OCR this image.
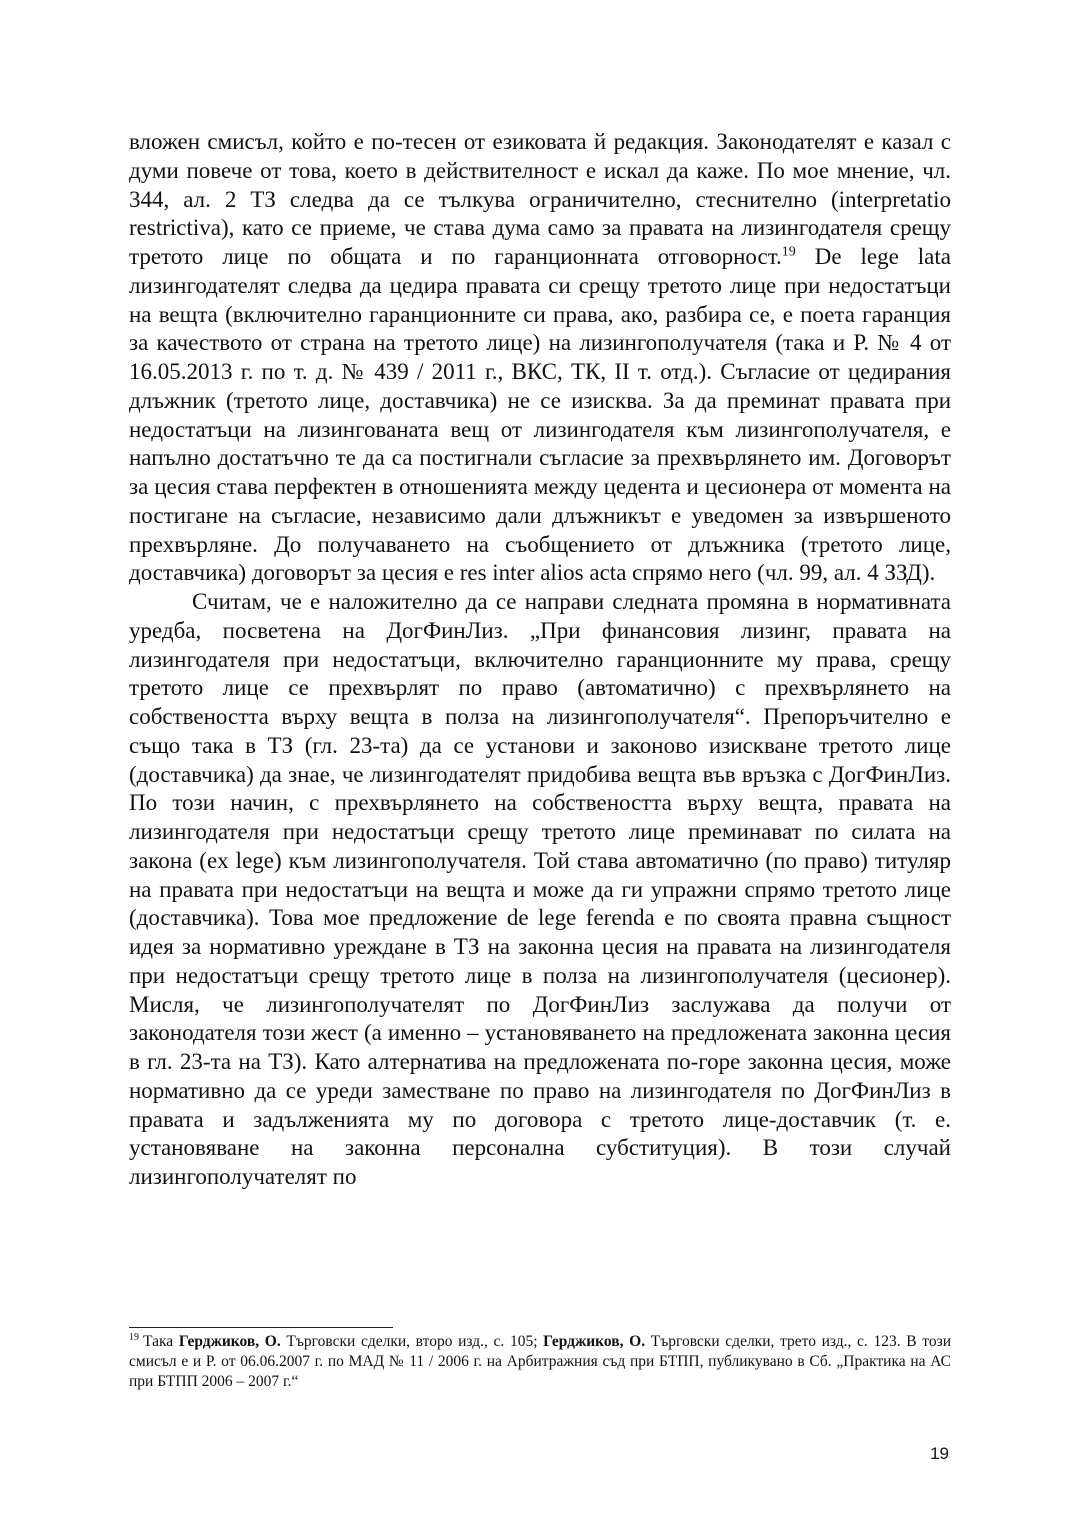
вложен смисъл, който е по-тесен от езиковата й редакция. Законодателят е казал с думи повече от това, което в действителност е искал да каже. По мое мнение, чл. 344, ал. 2 ТЗ следва да се тълкува ограничително, стеснително (interpretatio restrictiva), като се приеме, че става дума само за правата на лизингодателя срещу третото лице по общата и по гаранционната отговорност.$^{19}$ De lege lata лизингодателят следва да цедира правата си срещу третото лице при недостатъци на вещта (включително гаранционните си права, ако, разбира се, е поета гаранция за качеството от страна на третото лице) на лизингополучателя (така и Р. № 4 от 16.05.2013 г. по т. д. № 439 / 2011 г., ВКС, ТК, II т. отд.). Съгласие от цедирания длъжник (третото лице, доставчика) не се изисква. За да преминат правата при недостатъци на лизингованата вещ от лизингодателя към лизингополучателя, е напълно достатъчно те да са постигнали съгласие за прехвърлянето им. Договорът за цесия става перфектен в отношенията между цедента и цесионера от момента на постигане на съгласие, независимо дали длъжникът е уведомен за извършеното прехвърляне. До получаването на съобщението от длъжника (третото лице, доставчика) договорът за цесия е res inter alios acta спрямо него (чл. 99, ал. 4 ЗЗД).

Считам, че е наложително да се направи следната промяна в нормативната уредба, посветена на ДогФинЛиз. „При финансовия лизинг, правата на лизингодателя при недостатъци, включително гаранционните му права, срещу третото лице се прехвърлят по право (автоматично) с прехвърлянето на собствеността върху вещта в полза на лизингополучателя“. Препоръчително е също така в ТЗ (гл. 23-та) да се установи и законово изискване третото лице (доставчика) да знае, че лизингодателят придобива вещта във връзка с ДогФинЛиз. По този начин, с прехвърлянето на собствеността върху вещта, правата на лизингодателя при недостатъци срещу третото лице преминават по силата на закона (ex lege) към лизингополучателя. Той става автоматично (по право) титуляр на правата при недостатъци на вещта и може да ги упражни спрямо третото лице (доставчика). Това мое предложение de lege ferenda е по своята правна същност идея за нормативно уреждане в ТЗ на законна цесия на правата на лизингодателя при недостатъци срещу третото лице в полза на лизингополучателя (цесионер). Мисля, че лизингополучателят по ДогФинЛиз заслужава да получи от законодателя този жест (а именно – установяването на предложената законна цесия в гл. 23-та на ТЗ). Като алтернатива на предложената по-горе законна цесия, може нормативно да се уреди заместване по право на лизингодателя по ДогФинЛиз в правата и задълженията му по договора с третото лице-доставчик (т. е. установяване на законна персонална субституция). В този случай лизингополучателят по

$^{19}$ Така Герджиков, О. Търговски сделки, второ изд., с. 105; Герджиков, О. Търговски сделки, трето изд., с. 123. В този смисъл е и Р. от 06.06.2007 г. по МАД № 11 / 2006 г. на Арбитражния съд при БТПП, публикувано в Сб. „Практика на АС при БТПП 2006 – 2007 г.“

19
